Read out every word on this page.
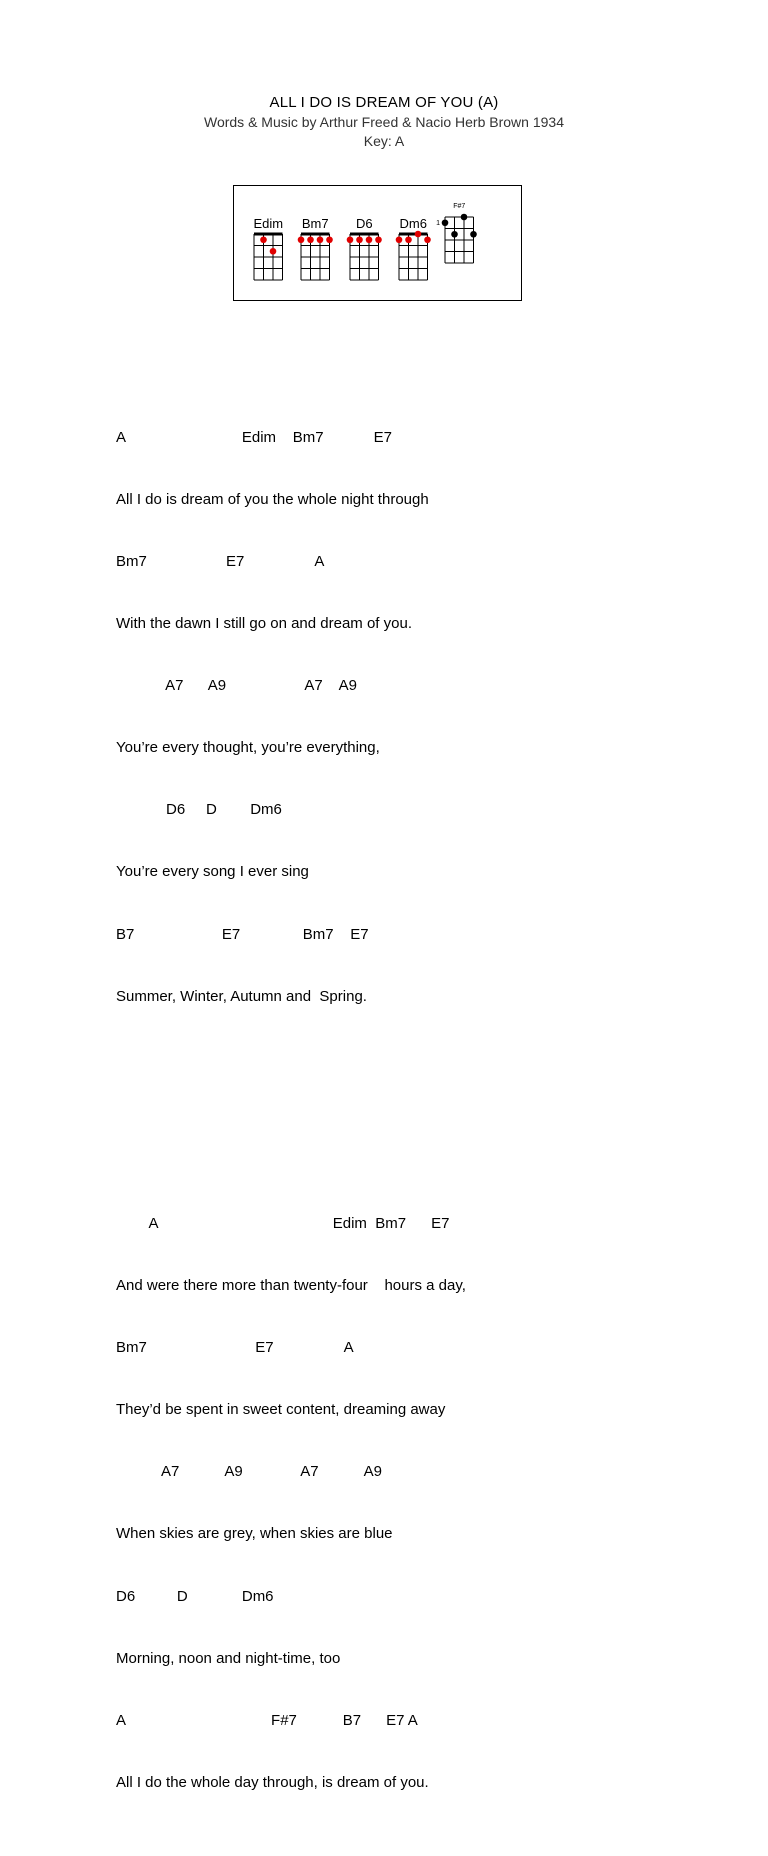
ALL I DO IS DREAM OF YOU (A)
Words & Music by Arthur Freed & Nacio Herb Brown 1934
Key: A
Edim Bm7 D6 Dm6
F#7
1

A                            Edim    Bm7            E7

All I do is dream of you the whole night through

Bm7                   E7                 A

With the dawn I still go on and dream of you.

A7      A9                   A7    A9

You’re every thought, you’re everything,

D6     D        Dm6

You’re every song I ever sing

B7                     E7               Bm7    E7

Summer, Winter, Autumn and  Spring.

A                                          Edim  Bm7      E7

And were there more than twenty-four    hours a day,

Bm7                          E7                 A

They’d be spent in sweet content, dreaming away

A7           A9              A7           A9

When skies are grey, when skies are blue

D6          D             Dm6

Morning, noon and night-time, too

A                                   F#7           B7      E7 A

All I do the whole day through, is dream of you.
